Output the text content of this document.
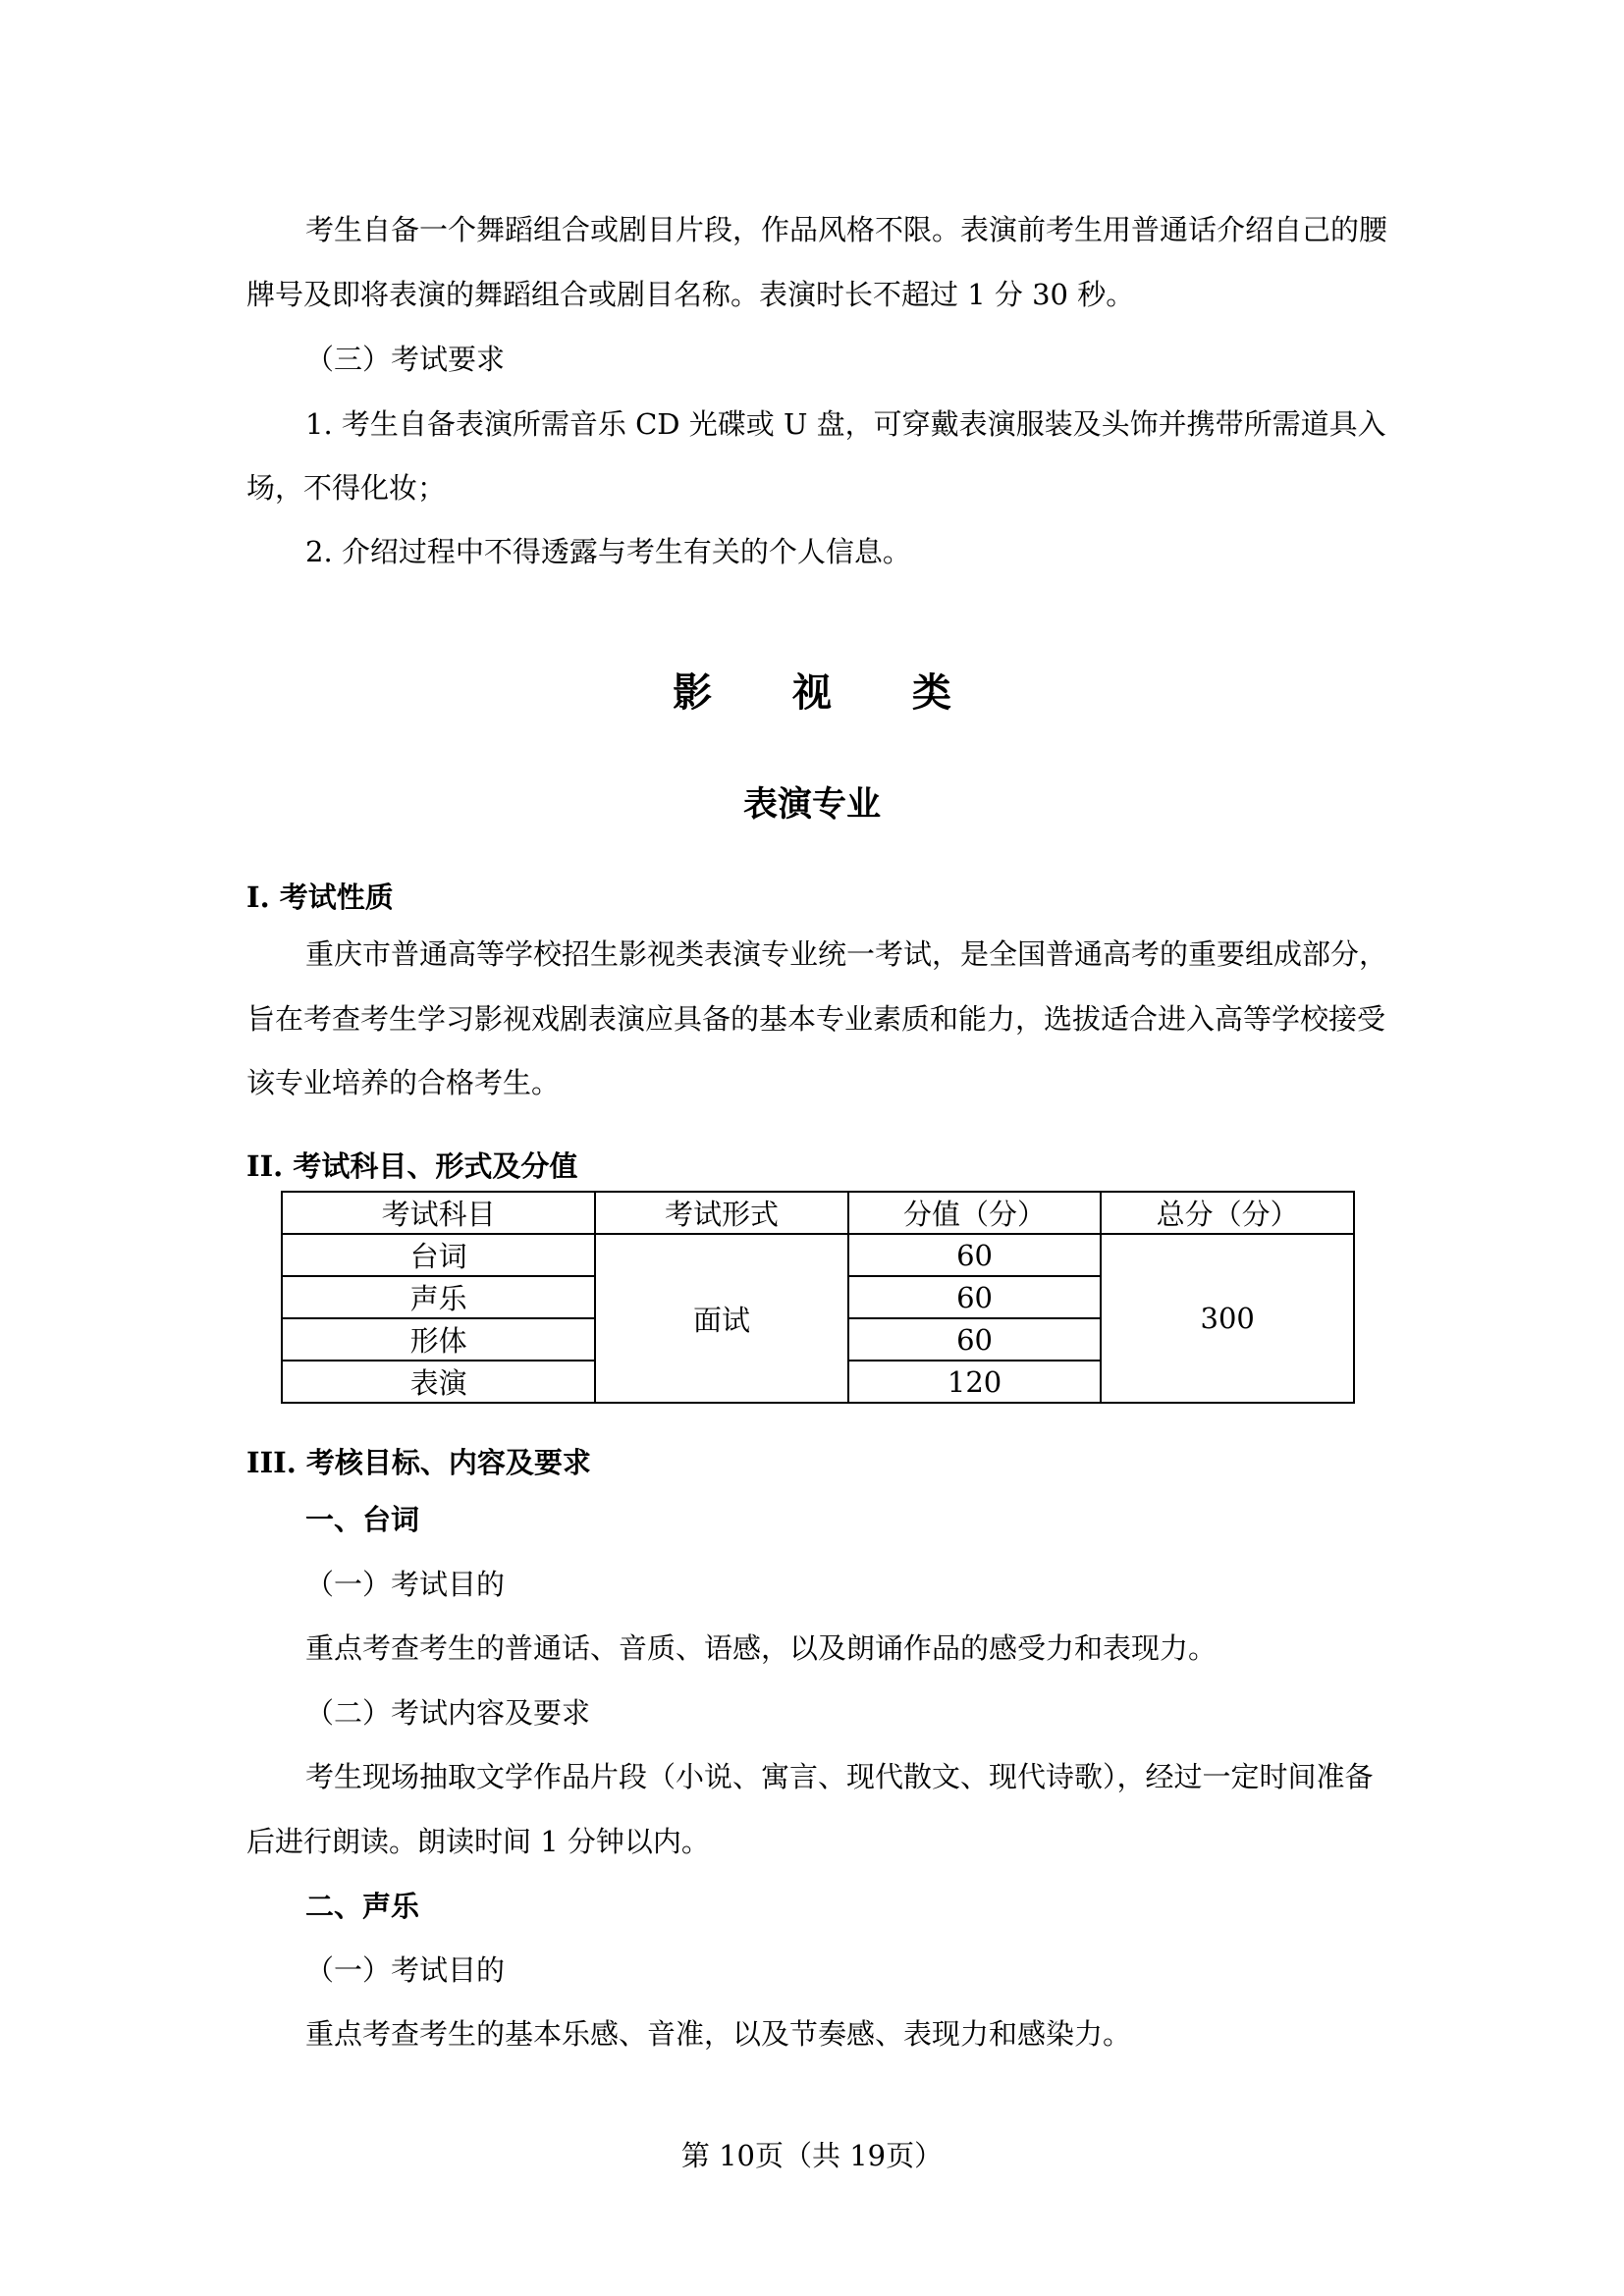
考生自备一个舞蹈组合或剧目片段，作品风格不限。表演前考生用普通话介绍自己的腰

牌号及即将表演的舞蹈组合或剧目名称。表演时长不超过 1 分 30 秒。

（三）考试要求

1. 考生自备表演所需音乐 CD 光碟或 U 盘，可穿戴表演服装及头饰并携带所需道具入

场，不得化妆；

2. 介绍过程中不得透露与考生有关的个人信息。

影 视 类

表演专业

I. 考试性质

重庆市普通高等学校招生影视类表演专业统一考试，是全国普通高考的重要组成部分，

旨在考查考生学习影视戏剧表演应具备的基本专业素质和能力，选拔适合进入高等学校接受

该专业培养的合格考生。

II. 考试科目、形式及分值

考试科目	考试形式	分值（分）	总分（分）
台词	面试	60	300
声乐		60	
形体		60	
表演		120	

III. 考核目标、内容及要求

一、台词

（一）考试目的

重点考查考生的普通话、音质、语感，以及朗诵作品的感受力和表现力。

（二）考试内容及要求

考生现场抽取文学作品片段（小说、寓言、现代散文、现代诗歌），经过一定时间准备

后进行朗读。朗读时间 1 分钟以内。

二、声乐

（一）考试目的

重点考查考生的基本乐感、音准，以及节奏感、表现力和感染力。

第 10页（共 19页）
